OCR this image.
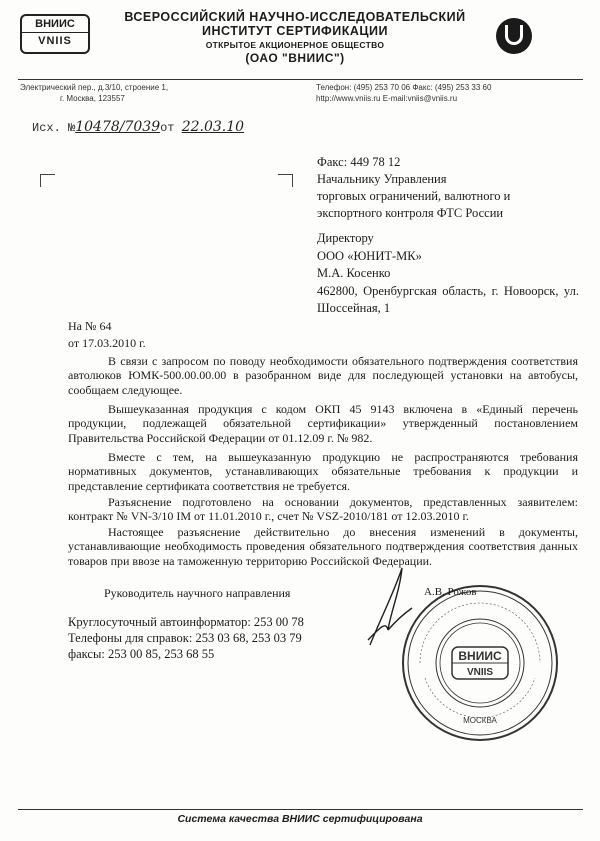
ВНИИС
VNIIS
ВСЕРОССИЙСКИЙ НАУЧНО-ИССЛЕДОВАТЕЛЬСКИЙ
ИНСТИТУТ СЕРТИФИКАЦИИ
ОТКРЫТОЕ АКЦИОНЕРНОЕ ОБЩЕСТВО
(ОАО "ВНИИС")
Электрический пер., д.3/10, строение 1,
г. Москва, 123557
Телефон: (495) 253 70 06 Факс: (495) 253 33 60
http://www.vniis.ru E-mail:vniis@vniis.ru
Исх. №10478/7039от 22.03.10
Факс: 449 78 12
Начальнику Управления
торговых ограничений, валютного и
экспортного контроля ФТС России
Директору
ООО «ЮНИТ-МК»
М.А. Косенко
462800, Оренбургская область, г. Новоорск, ул. Шоссейная, 1
На № 64
от 17.03.2010 г.
В связи с запросом по поводу необходимости обязательного подтверждения соответствия автолюков ЮМК-500.00.00.00 в разобранном виде для последующей установки на автобусы, сообщаем следующее.
Вышеуказанная продукция с кодом ОКП 45 9143 включена в «Единый перечень продукции, подлежащей обязательной сертификации» утвержденный постановлением Правительства Российской Федерации от 01.12.09 г. № 982.
Вместе с тем, на вышеуказанную продукцию не распространяются требования нормативных документов, устанавливающих обязательные требования к продукции и представление сертификата соответствия не требуется.
Разъяснение подготовлено на основании документов, представленных заявителем: контракт № VN-3/10 IM от 11.01.2010 г., счет № VSZ-2010/181 от 12.03.2010 г.
Настоящее разъяснение действительно до внесения изменений в документы, устанавливающие необходимость проведения обязательного подтверждения соответствия данных товаров при ввозе на таможенную территорию Российской Федерации.
Руководитель научного направления
ВНИИС
VNIIS
МОСКВА
А.В. Рожов
Круглосуточный автоинформатор: 253 00 78
Телефоны для справок: 253 03 68, 253 03 79
факсы: 253 00 85, 253 68 55
Система качества ВНИИС сертифицирована
